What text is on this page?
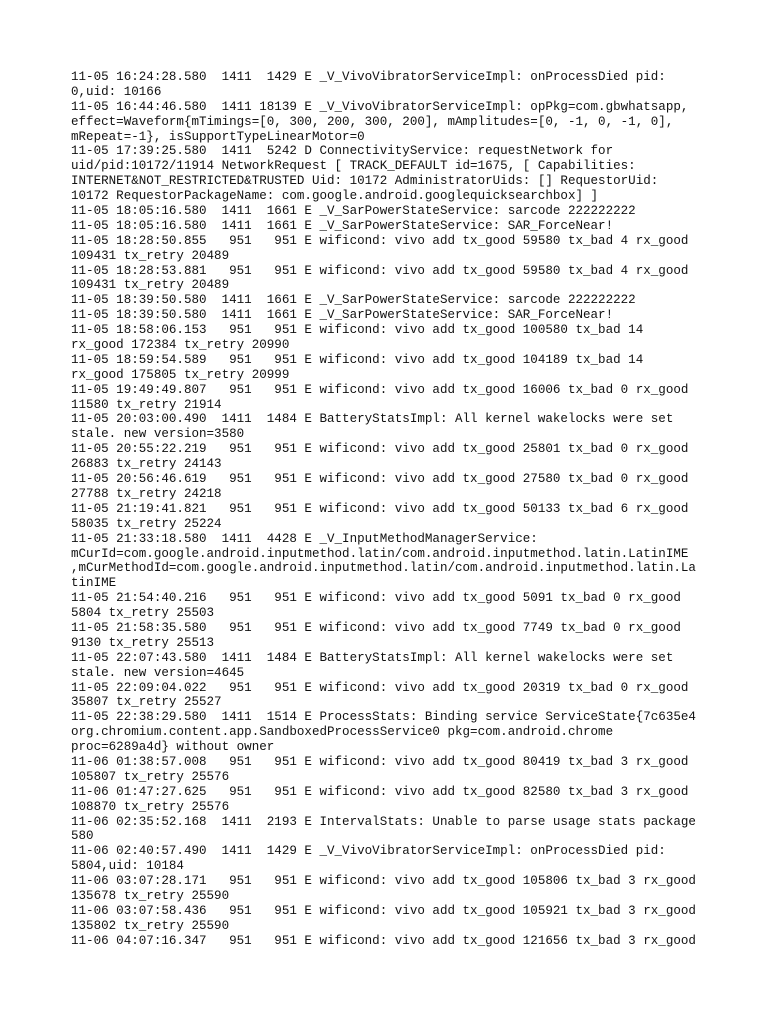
11-05 16:24:28.580  1411  1429 E _V_VivoVibratorServiceImpl: onProcessDied pid:
0,uid: 10166
11-05 16:44:46.580  1411 18139 E _V_VivoVibratorServiceImpl: opPkg=com.gbwhatsapp,
effect=Waveform{mTimings=[0, 300, 200, 300, 200], mAmplitudes=[0, -1, 0, -1, 0],
mRepeat=-1}, isSupportTypeLinearMotor=0
11-05 17:39:25.580  1411  5242 D ConnectivityService: requestNetwork for
uid/pid:10172/11914 NetworkRequest [ TRACK_DEFAULT id=1675, [ Capabilities:
INTERNET&NOT_RESTRICTED&TRUSTED Uid: 10172 AdministratorUids: [] RequestorUid:
10172 RequestorPackageName: com.google.android.googlequicksearchbox] ]
11-05 18:05:16.580  1411  1661 E _V_SarPowerStateService: sarcode 222222222
11-05 18:05:16.580  1411  1661 E _V_SarPowerStateService: SAR_ForceNear!
11-05 18:28:50.855   951   951 E wificond: vivo add tx_good 59580 tx_bad 4 rx_good
109431 tx_retry 20489
11-05 18:28:53.881   951   951 E wificond: vivo add tx_good 59580 tx_bad 4 rx_good
109431 tx_retry 20489
11-05 18:39:50.580  1411  1661 E _V_SarPowerStateService: sarcode 222222222
11-05 18:39:50.580  1411  1661 E _V_SarPowerStateService: SAR_ForceNear!
11-05 18:58:06.153   951   951 E wificond: vivo add tx_good 100580 tx_bad 14
rx_good 172384 tx_retry 20990
11-05 18:59:54.589   951   951 E wificond: vivo add tx_good 104189 tx_bad 14
rx_good 175805 tx_retry 20999
11-05 19:49:49.807   951   951 E wificond: vivo add tx_good 16006 tx_bad 0 rx_good
11580 tx_retry 21914
11-05 20:03:00.490  1411  1484 E BatteryStatsImpl: All kernel wakelocks were set
stale. new version=3580
11-05 20:55:22.219   951   951 E wificond: vivo add tx_good 25801 tx_bad 0 rx_good
26883 tx_retry 24143
11-05 20:56:46.619   951   951 E wificond: vivo add tx_good 27580 tx_bad 0 rx_good
27788 tx_retry 24218
11-05 21:19:41.821   951   951 E wificond: vivo add tx_good 50133 tx_bad 6 rx_good
58035 tx_retry 25224
11-05 21:33:18.580  1411  4428 E _V_InputMethodManagerService:
mCurId=com.google.android.inputmethod.latin/com.android.inputmethod.latin.LatinIME
,mCurMethodId=com.google.android.inputmethod.latin/com.android.inputmethod.latin.La
tinIME
11-05 21:54:40.216   951   951 E wificond: vivo add tx_good 5091 tx_bad 0 rx_good
5804 tx_retry 25503
11-05 21:58:35.580   951   951 E wificond: vivo add tx_good 7749 tx_bad 0 rx_good
9130 tx_retry 25513
11-05 22:07:43.580  1411  1484 E BatteryStatsImpl: All kernel wakelocks were set
stale. new version=4645
11-05 22:09:04.022   951   951 E wificond: vivo add tx_good 20319 tx_bad 0 rx_good
35807 tx_retry 25527
11-05 22:38:29.580  1411  1514 E ProcessStats: Binding service ServiceState{7c635e4
org.chromium.content.app.SandboxedProcessService0 pkg=com.android.chrome
proc=6289a4d} without owner
11-06 01:38:57.008   951   951 E wificond: vivo add tx_good 80419 tx_bad 3 rx_good
105807 tx_retry 25576
11-06 01:47:27.625   951   951 E wificond: vivo add tx_good 82580 tx_bad 3 rx_good
108870 tx_retry 25576
11-06 02:35:52.168  1411  2193 E IntervalStats: Unable to parse usage stats package
580
11-06 02:40:57.490  1411  1429 E _V_VivoVibratorServiceImpl: onProcessDied pid:
5804,uid: 10184
11-06 03:07:28.171   951   951 E wificond: vivo add tx_good 105806 tx_bad 3 rx_good
135678 tx_retry 25590
11-06 03:07:58.436   951   951 E wificond: vivo add tx_good 105921 tx_bad 3 rx_good
135802 tx_retry 25590
11-06 04:07:16.347   951   951 E wificond: vivo add tx_good 121656 tx_bad 3 rx_good
